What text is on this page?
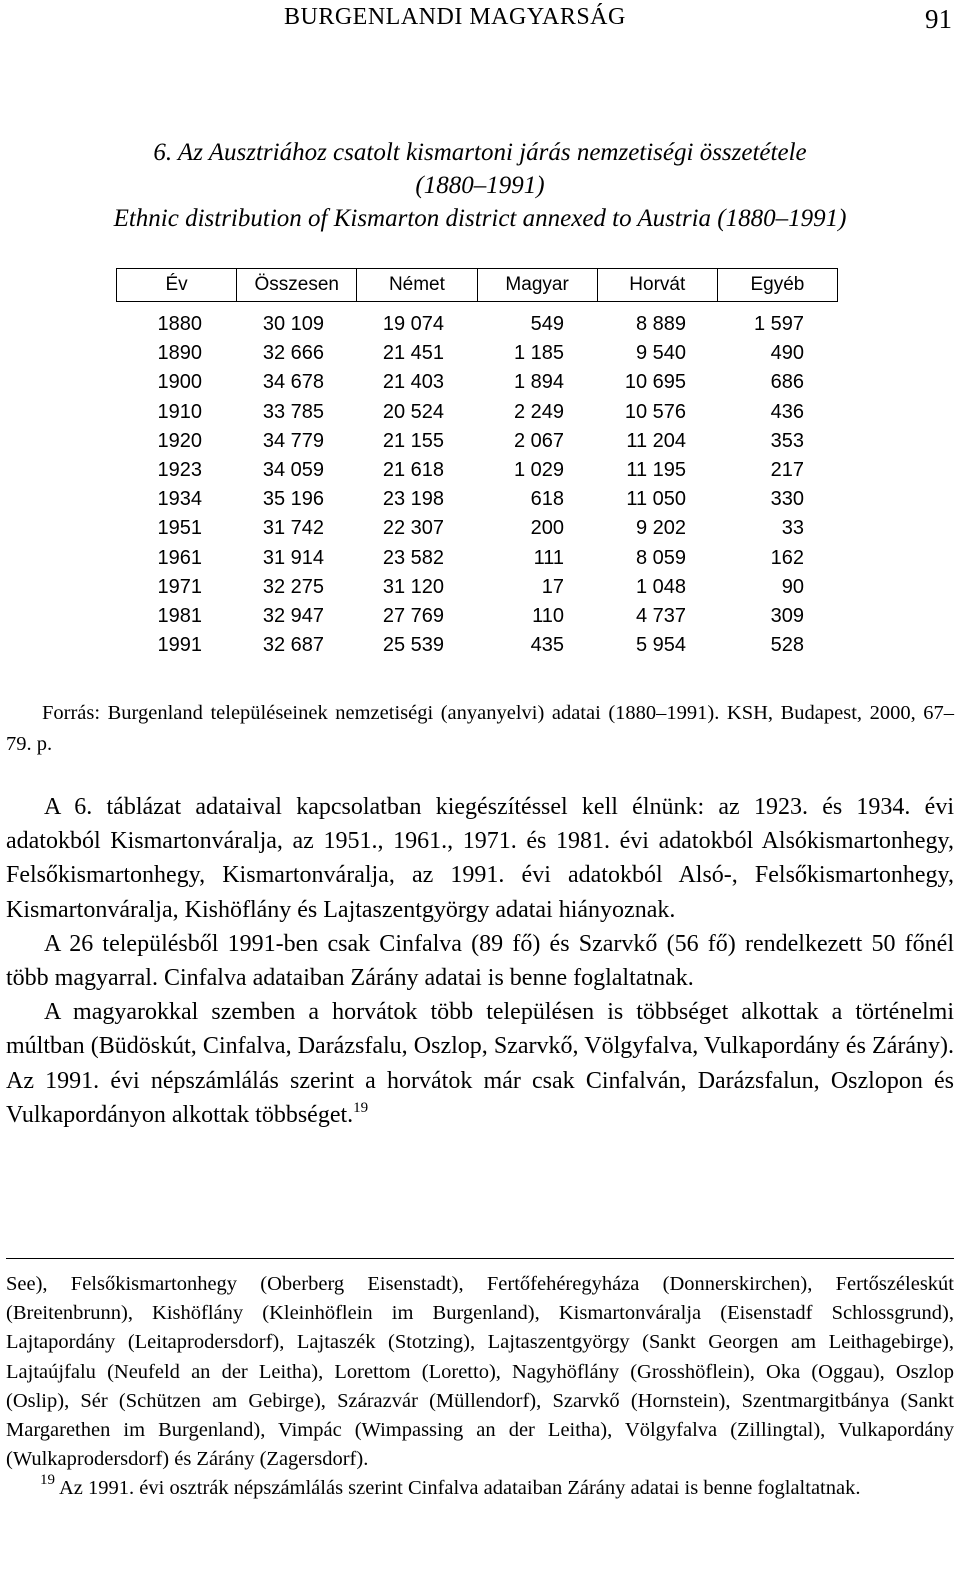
BURGENLANDI MAGYARSÁG	91
6. Az Ausztriához csatolt kismartoni járás nemzetiségi összetétele
(1880–1991)
Ethnic distribution of Kismarton district annexed to Austria (1880–1991)
Év	Összesen	Német	Magyar	Horvát	Egyéb
1880	30 109	19 074	549	8 889	1 597
1890	32 666	21 451	1 185	9 540	490
1900	34 678	21 403	1 894	10 695	686
1910	33 785	20 524	2 249	10 576	436
1920	34 779	21 155	2 067	11 204	353
1923	34 059	21 618	1 029	11 195	217
1934	35 196	23 198	618	11 050	330
1951	31 742	22 307	200	9 202	33
1961	31 914	23 582	111	8 059	162
1971	32 275	31 120	17	1 048	90
1981	32 947	27 769	110	4 737	309
1991	32 687	25 539	435	5 954	528
Forrás: Burgenland településeinek nemzetiségi (anyanyelvi) adatai (1880–1991). KSH, Budapest, 2000, 67–79. p.

A 6. táblázat adataival kapcsolatban kiegészítéssel kell élnünk: az 1923. és 1934. évi adatokból Kismartonváralja, az 1951., 1961., 1971. és 1981. évi adatokból Alsókismartonhegy, Felsőkismartonhegy, Kismartonváralja, az 1991. évi adatokból Alsó-, Felsőkismartonhegy, Kismartonváralja, Kishöflány és Lajtaszentgyörgy adatai hiányoznak.

A 26 településből 1991-ben csak Cinfalva (89 fő) és Szarvkő (56 fő) rendelkezett 50 főnél több magyarral. Cinfalva adataiban Zárány adatai is benne foglaltatnak.

A magyarokkal szemben a horvátok több településen is többséget alkottak a történelmi múltban (Büdöskút, Cinfalva, Darázsfalu, Oszlop, Szarvkő, Völgyfalva, Vulkapordány és Zárány). Az 1991. évi népszámlálás szerint a horvátok már csak Cinfalván, Darázsfalun, Oszlopon és Vulkapordányon alkottak többséget.$^{19}$

See), Felsőkismartonhegy (Oberberg Eisenstadt), Fertőfehéregyháza (Donnerskirchen), Fertőszéleskút (Breitenbrunn), Kishöflány (Kleinhöflein im Burgenland), Kismartonváralja (Eisenstadf Schlossgrund), Lajtapordány (Leitaprodersdorf), Lajtaszék (Stotzing), Lajtaszentgyörgy (Sankt Georgen am Leithagebirge), Lajtaújfalu (Neufeld an der Leitha), Lorettom (Loretto), Nagyhöflány (Grosshöflein), Oka (Oggau), Oszlop (Oslip), Sér (Schützen am Gebirge), Szárazvár (Müllendorf), Szarvkő (Hornstein), Szentmargitbánya (Sankt Margarethen im Burgenland), Vimpác (Wimpassing an der Leitha), Völgyfalva (Zillingtal), Vulkapordány (Wulkaprodersdorf) és Zárány (Zagersdorf).

$^{19}$ Az 1991. évi osztrák népszámlálás szerint Cinfalva adataiban Zárány adatai is benne foglaltatnak.
